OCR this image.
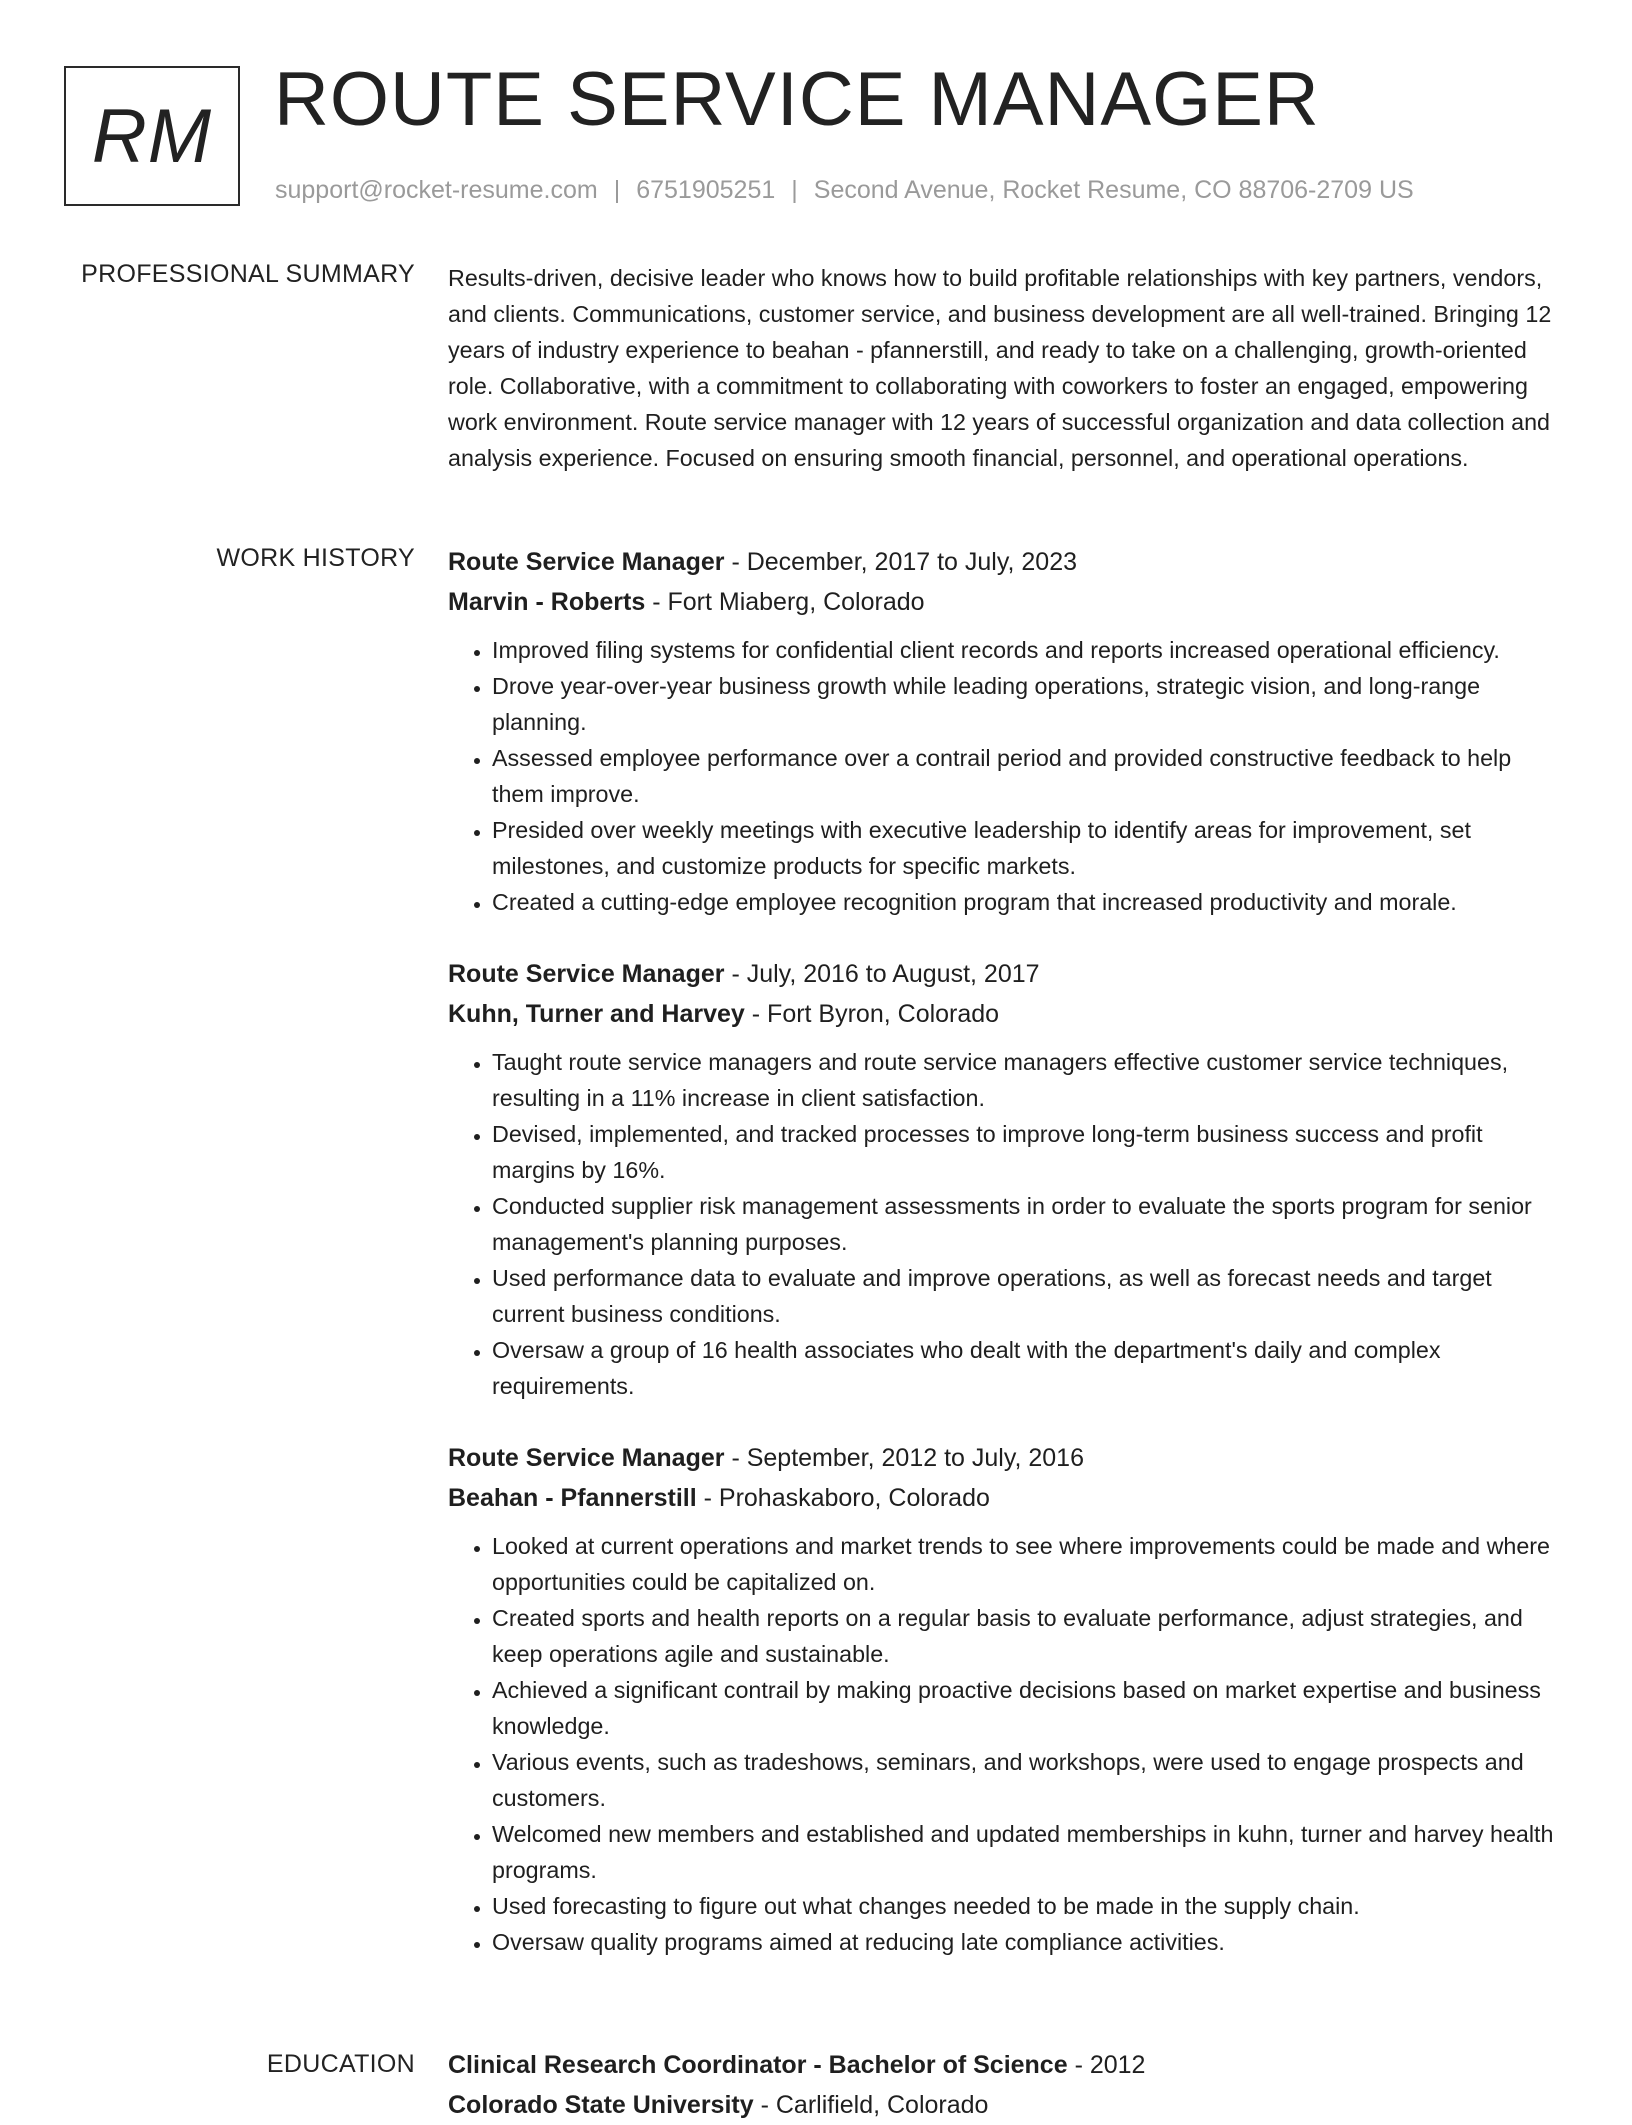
RM ROUTE SERVICE MANAGER
support@rocket-resume.com | 6751905251 | Second Avenue, Rocket Resume, CO 88706-2709 US
PROFESSIONAL SUMMARY Results-driven, decisive leader who knows how to build profitable relationships with key partners, vendors, and clients. Communications, customer service, and business development are all well-trained. Bringing 12 years of industry experience to beahan - pfannerstill, and ready to take on a challenging, growth-oriented role. Collaborative, with a commitment to collaborating with coworkers to foster an engaged, empowering work environment. Route service manager with 12 years of successful organization and data collection and analysis experience. Focused on ensuring smooth financial, personnel, and operational operations.
WORK HISTORY Route Service Manager - December, 2017 to July, 2023
Marvin - Roberts - Fort Miaberg, Colorado
• Improved filing systems for confidential client records and reports increased operational efficiency.
• Drove year-over-year business growth while leading operations, strategic vision, and long-range planning.
• Assessed employee performance over a contrail period and provided constructive feedback to help them improve.
• Presided over weekly meetings with executive leadership to identify areas for improvement, set milestones, and customize products for specific markets.
• Created a cutting-edge employee recognition program that increased productivity and morale.
Route Service Manager - July, 2016 to August, 2017
Kuhn, Turner and Harvey - Fort Byron, Colorado
• Taught route service managers and route service managers effective customer service techniques, resulting in a 11% increase in client satisfaction.
• Devised, implemented, and tracked processes to improve long-term business success and profit margins by 16%.
• Conducted supplier risk management assessments in order to evaluate the sports program for senior management's planning purposes.
• Used performance data to evaluate and improve operations, as well as forecast needs and target current business conditions.
• Oversaw a group of 16 health associates who dealt with the department's daily and complex requirements.
Route Service Manager - September, 2012 to July, 2016
Beahan - Pfannerstill - Prohaskaboro, Colorado
• Looked at current operations and market trends to see where improvements could be made and where opportunities could be capitalized on.
• Created sports and health reports on a regular basis to evaluate performance, adjust strategies, and keep operations agile and sustainable.
• Achieved a significant contrail by making proactive decisions based on market expertise and business knowledge.
• Various events, such as tradeshows, seminars, and workshops, were used to engage prospects and customers.
• Welcomed new members and established and updated memberships in kuhn, turner and harvey health programs.
• Used forecasting to figure out what changes needed to be made in the supply chain.
• Oversaw quality programs aimed at reducing late compliance activities.
EDUCATION Clinical Research Coordinator - Bachelor of Science - 2012
Colorado State University - Carlifield, Colorado
